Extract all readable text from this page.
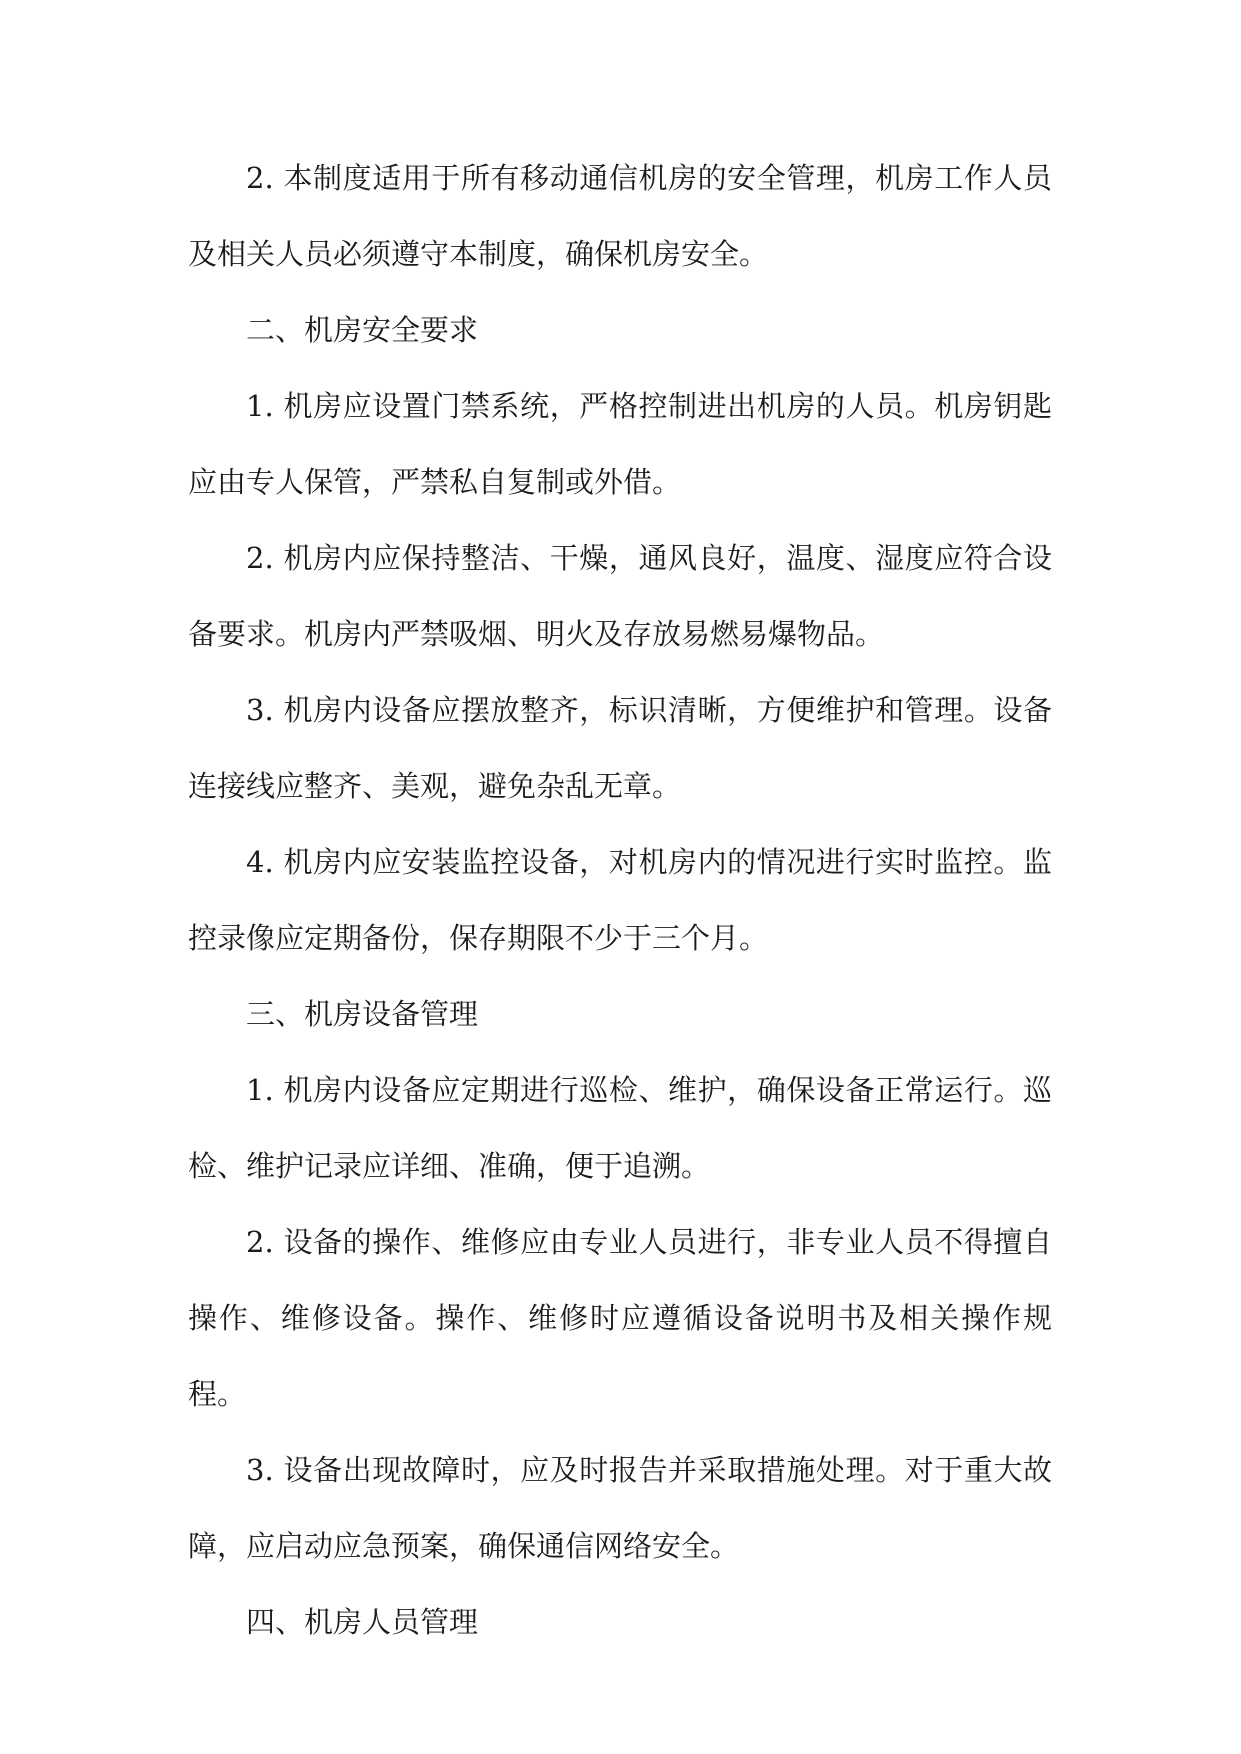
2. 本制度适用于所有移动通信机房的安全管理，机房工作人员及相关人员必须遵守本制度，确保机房安全。

二、机房安全要求

1. 机房应设置门禁系统，严格控制进出机房的人员。机房钥匙应由专人保管，严禁私自复制或外借。

2. 机房内应保持整洁、干燥，通风良好，温度、湿度应符合设备要求。机房内严禁吸烟、明火及存放易燃易爆物品。

3. 机房内设备应摆放整齐，标识清晰，方便维护和管理。设备连接线应整齐、美观，避免杂乱无章。

4. 机房内应安装监控设备，对机房内的情况进行实时监控。监控录像应定期备份，保存期限不少于三个月。

三、机房设备管理

1. 机房内设备应定期进行巡检、维护，确保设备正常运行。巡检、维护记录应详细、准确，便于追溯。

2. 设备的操作、维修应由专业人员进行，非专业人员不得擅自操作、维修设备。操作、维修时应遵循设备说明书及相关操作规程。

3. 设备出现故障时，应及时报告并采取措施处理。对于重大故障，应启动应急预案，确保通信网络安全。

四、机房人员管理
